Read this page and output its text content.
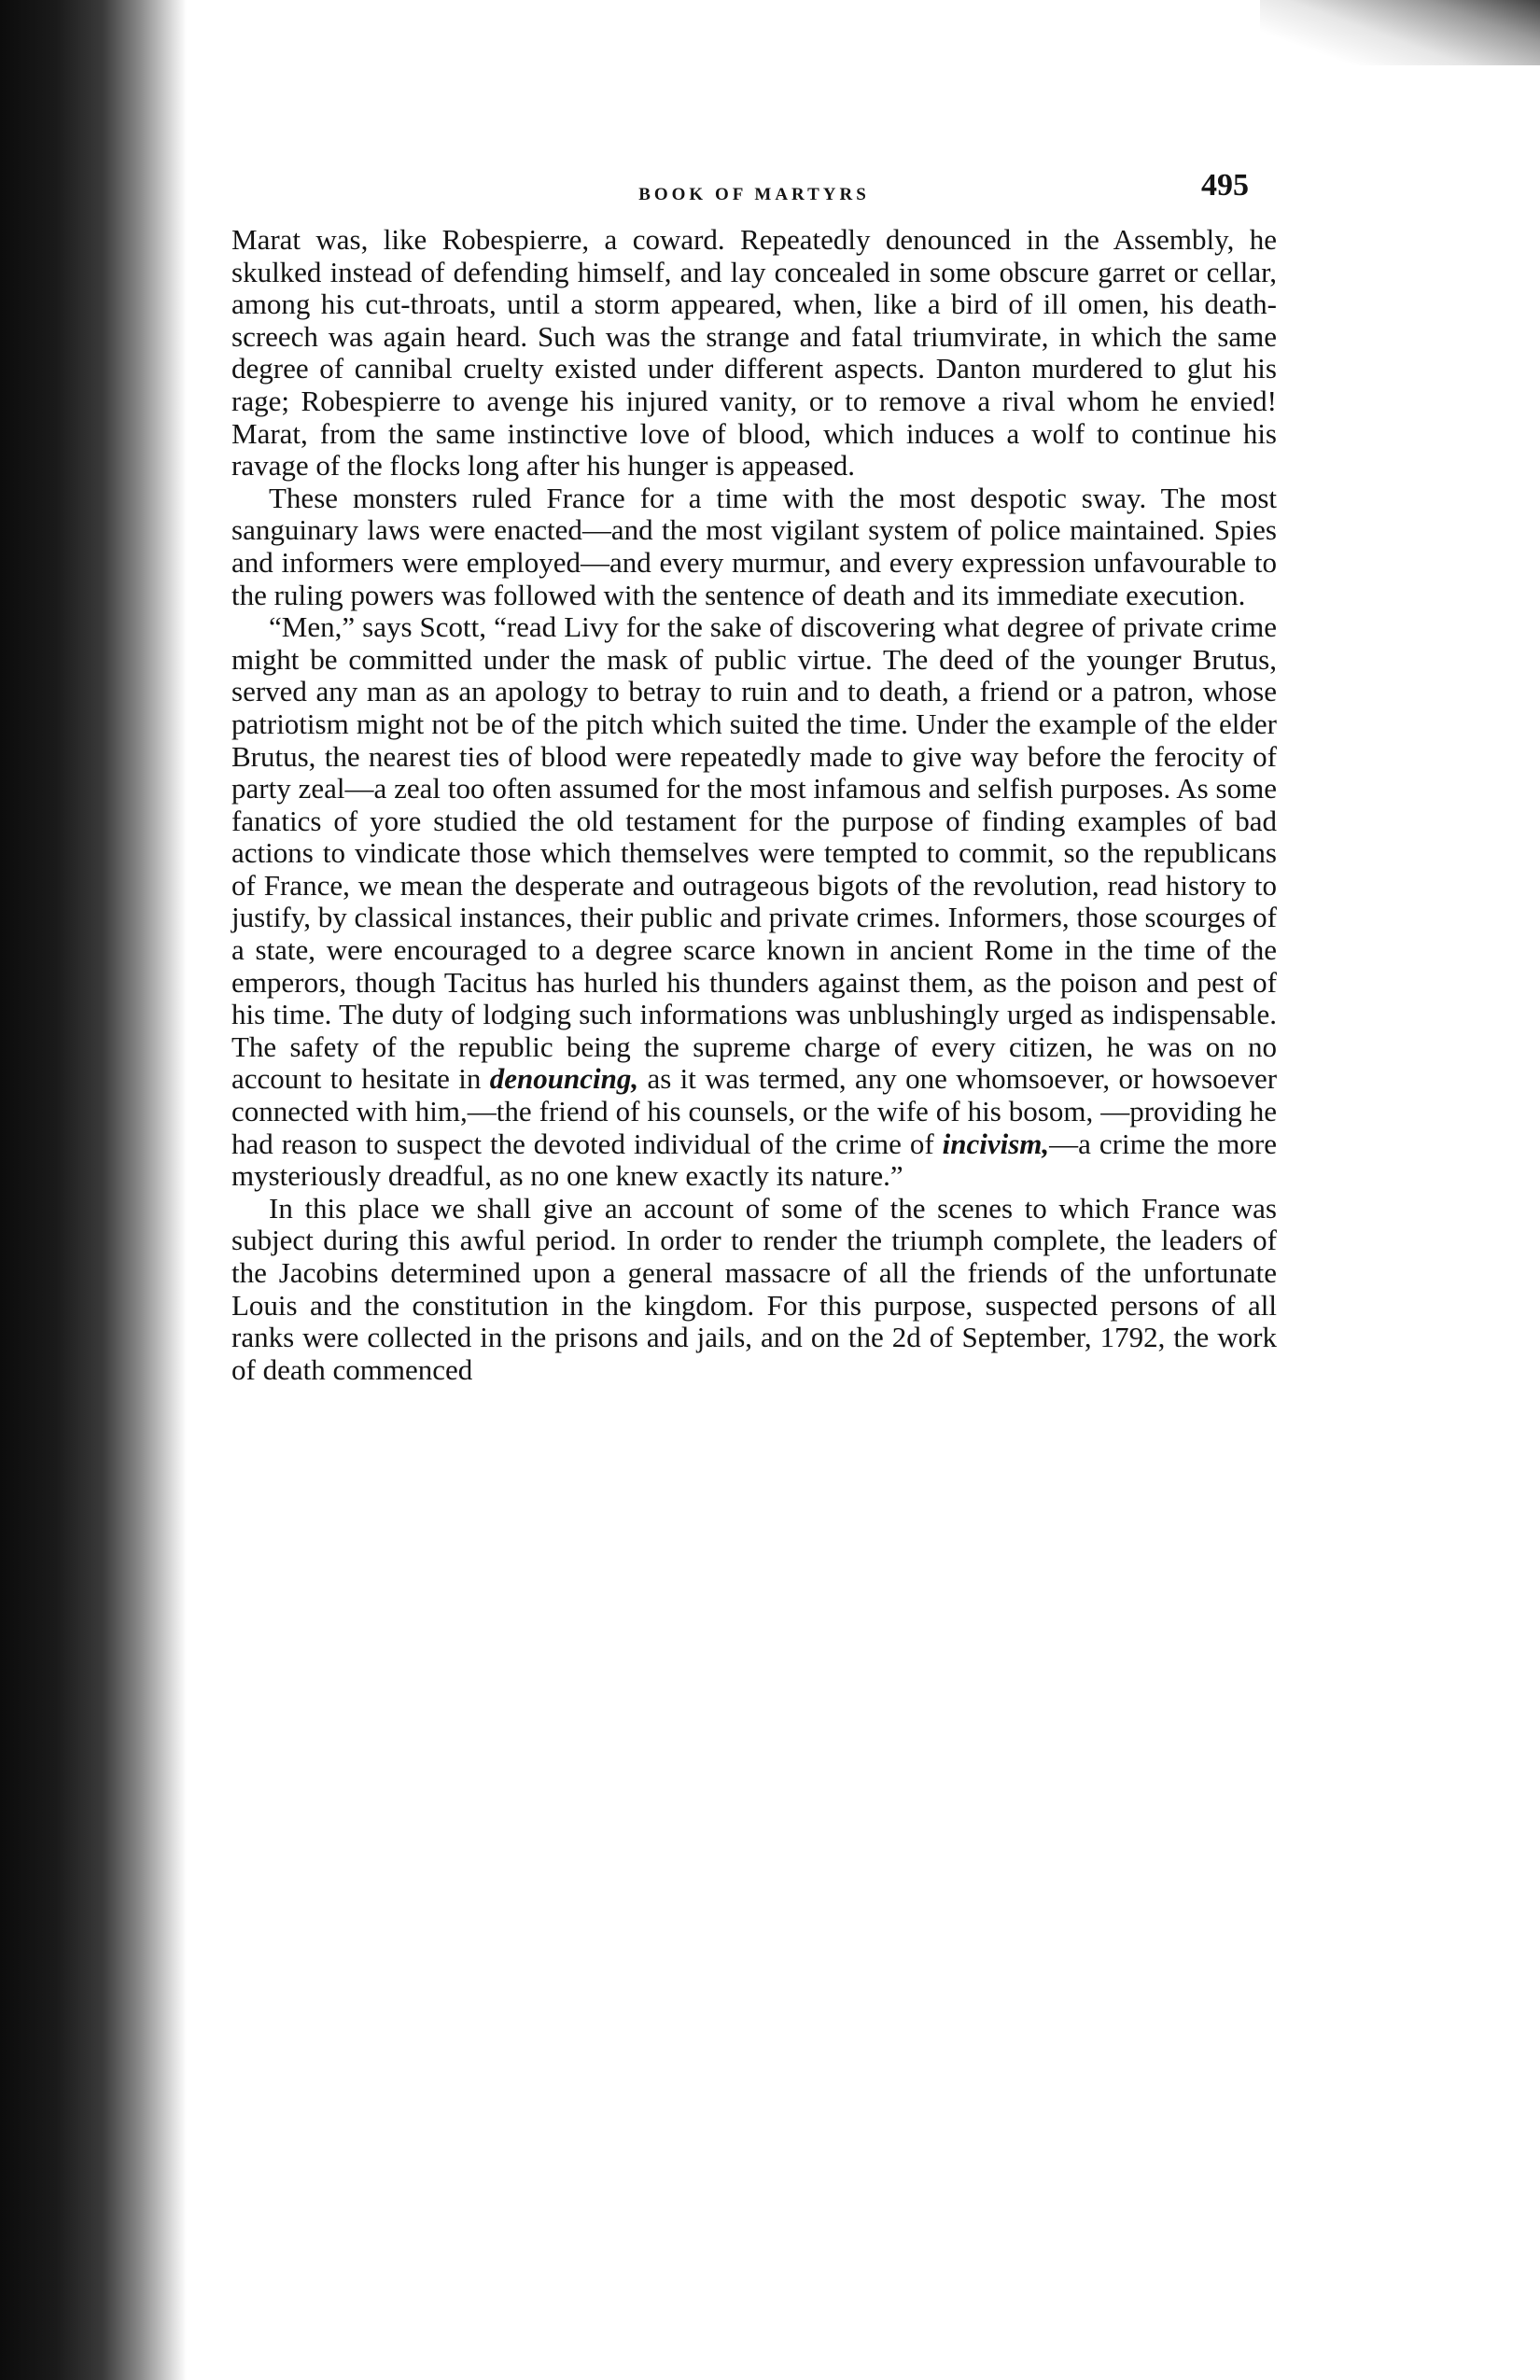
BOOK OF MARTYRS	495

Marat was, like Robespierre, a coward. Repeatedly denounced in the Assembly, he skulked instead of defending himself, and lay concealed in some obscure garret or cellar, among his cut-throats, until a storm appeared, when, like a bird of ill omen, his death-screech was again heard. Such was the strange and fatal triumvirate, in which the same degree of cannibal cruelty existed under different aspects. Danton murdered to glut his rage; Robespierre to avenge his injured vanity, or to remove a rival whom he envied! Marat, from the same instinctive love of blood, which induces a wolf to continue his ravage of the flocks long after his hunger is appeased.

These monsters ruled France for a time with the most despotic sway. The most sanguinary laws were enacted—and the most vigilant system of police maintained. Spies and informers were employed—and every murmur, and every expression unfavourable to the ruling powers was followed with the sentence of death and its immediate execution.

“Men,” says Scott, “read Livy for the sake of discovering what degree of private crime might be committed under the mask of public virtue. The deed of the younger Brutus, served any man as an apology to betray to ruin and to death, a friend or a patron, whose patriotism might not be of the pitch which suited the time. Under the example of the elder Brutus, the nearest ties of blood were repeatedly made to give way before the ferocity of party zeal—a zeal too often assumed for the most infamous and selfish purposes. As some fanatics of yore studied the old testament for the purpose of finding examples of bad actions to vindicate those which themselves were tempted to commit, so the republicans of France, we mean the desperate and outrageous bigots of the revolution, read history to justify, by classical instances, their public and private crimes. Informers, those scourges of a state, were encouraged to a degree scarce known in ancient Rome in the time of the emperors, though Tacitus has hurled his thunders against them, as the poison and pest of his time. The duty of lodging such informations was unblushingly urged as indispensable. The safety of the republic being the supreme charge of every citizen, he was on no account to hesitate in denouncing, as it was termed, any one whomsoever, or howsoever connected with him,—the friend of his counsels, or the wife of his bosom, —providing he had reason to suspect the devoted individual of the crime of incivism,—a crime the more mysteriously dreadful, as no one knew exactly its nature.”

In this place we shall give an account of some of the scenes to which France was subject during this awful period. In order to render the triumph complete, the leaders of the Jacobins determined upon a general massacre of all the friends of the unfortunate Louis and the constitution in the kingdom. For this purpose, suspected persons of all ranks were collected in the prisons and jails, and on the 2d of September, 1792, the work of death commenced
